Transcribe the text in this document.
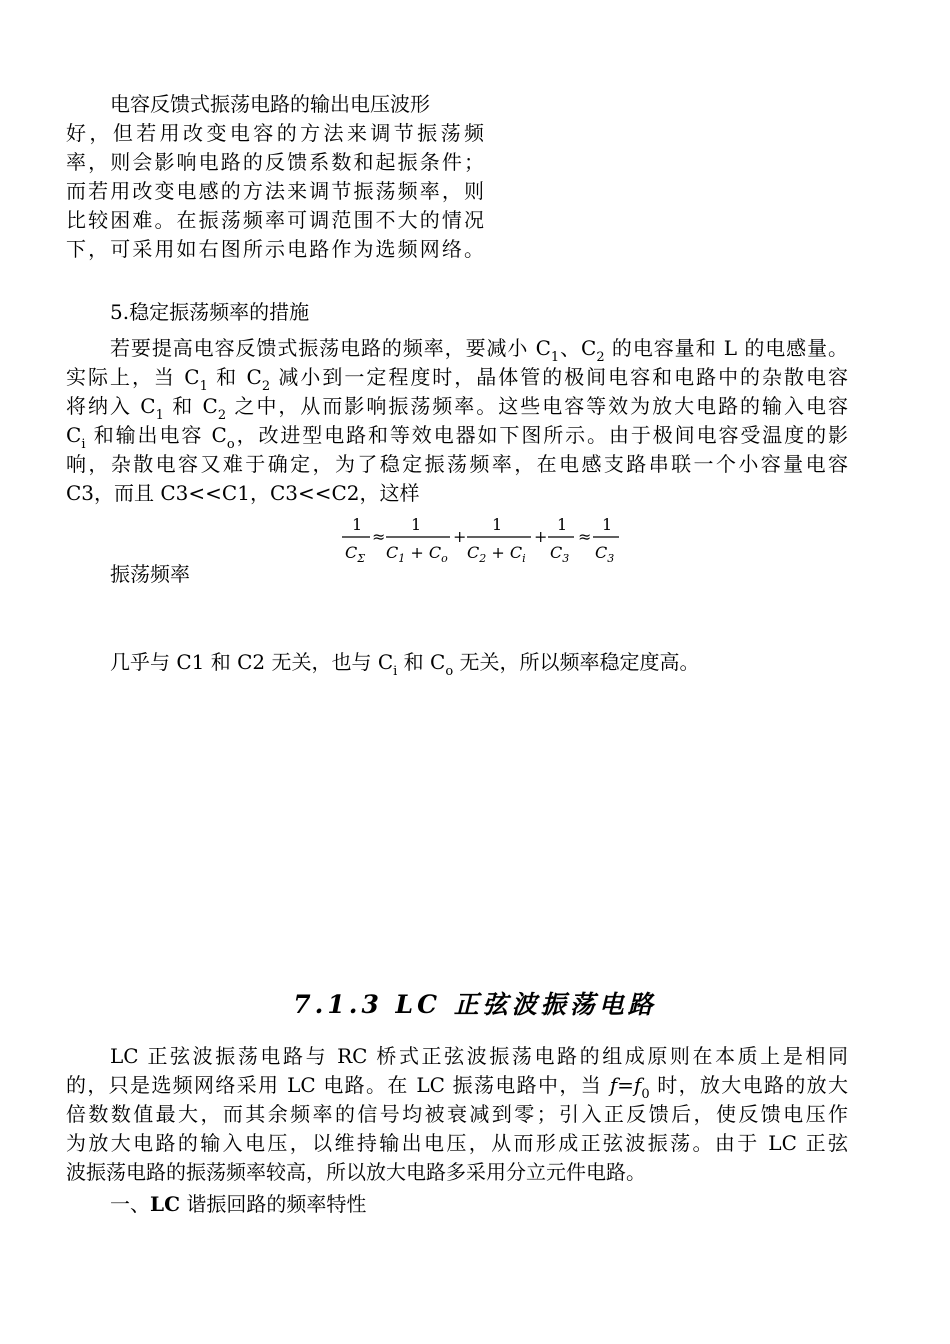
电容反馈式振荡电路的输出电压波形
好，但若用改变电容的方法来调节振荡频
率，则会影响电路的反馈系数和起振条件；
而若用改变电感的方法来调节振荡频率，则
比较困难。在振荡频率可调范围不大的情况
下，可采用如右图所示电路作为选频网络。
5.稳定振荡频率的措施
若要提高电容反馈式振荡电路的频率，要减小 $C_1$、$C_2$ 的电容量和 L 的电感量。
实际上，当 $C_1$ 和 $C_2$ 减小到一定程度时，晶体管的极间电容和电路中的杂散电容
将纳入 $C_1$ 和 $C_2$ 之中，从而影响振荡频率。这些电容等效为放大电路的输入电容
$C_i$ 和输出电容 $C_o$，改进型电路和等效电器如下图所示。由于极间电容受温度的影
响，杂散电容又难于确定，为了稳定振荡频率，在电感支路串联一个小容量电容
C3，而且 C3<<C1，C3<<C2，这样
1
$C_\Sigma$
≈
1
$C_1 + C_o$
+
1
$C_2 + C_i$
+
1
$C_3$
≈
1
$C_3$
振荡频率
几乎与 C1 和 C2 无关，也与 $C_i$ 和 $C_o$ 无关，所以频率稳定度高。
7.1.3 LC 正弦波振荡电路
LC 正弦波振荡电路与 RC 桥式正弦波振荡电路的组成原则在本质上是相同
的，只是选频网络采用 LC 电路。在 LC 振荡电路中，当 $f=f_0$ 时，放大电路的放大
倍数数值最大，而其余频率的信号均被衰减到零；引入正反馈后，使反馈电压作
为放大电路的输入电压，以维持输出电压，从而形成正弦波振荡。由于 LC 正弦
波振荡电路的振荡频率较高，所以放大电路多采用分立元件电路。
一、LC 谐振回路的频率特性
